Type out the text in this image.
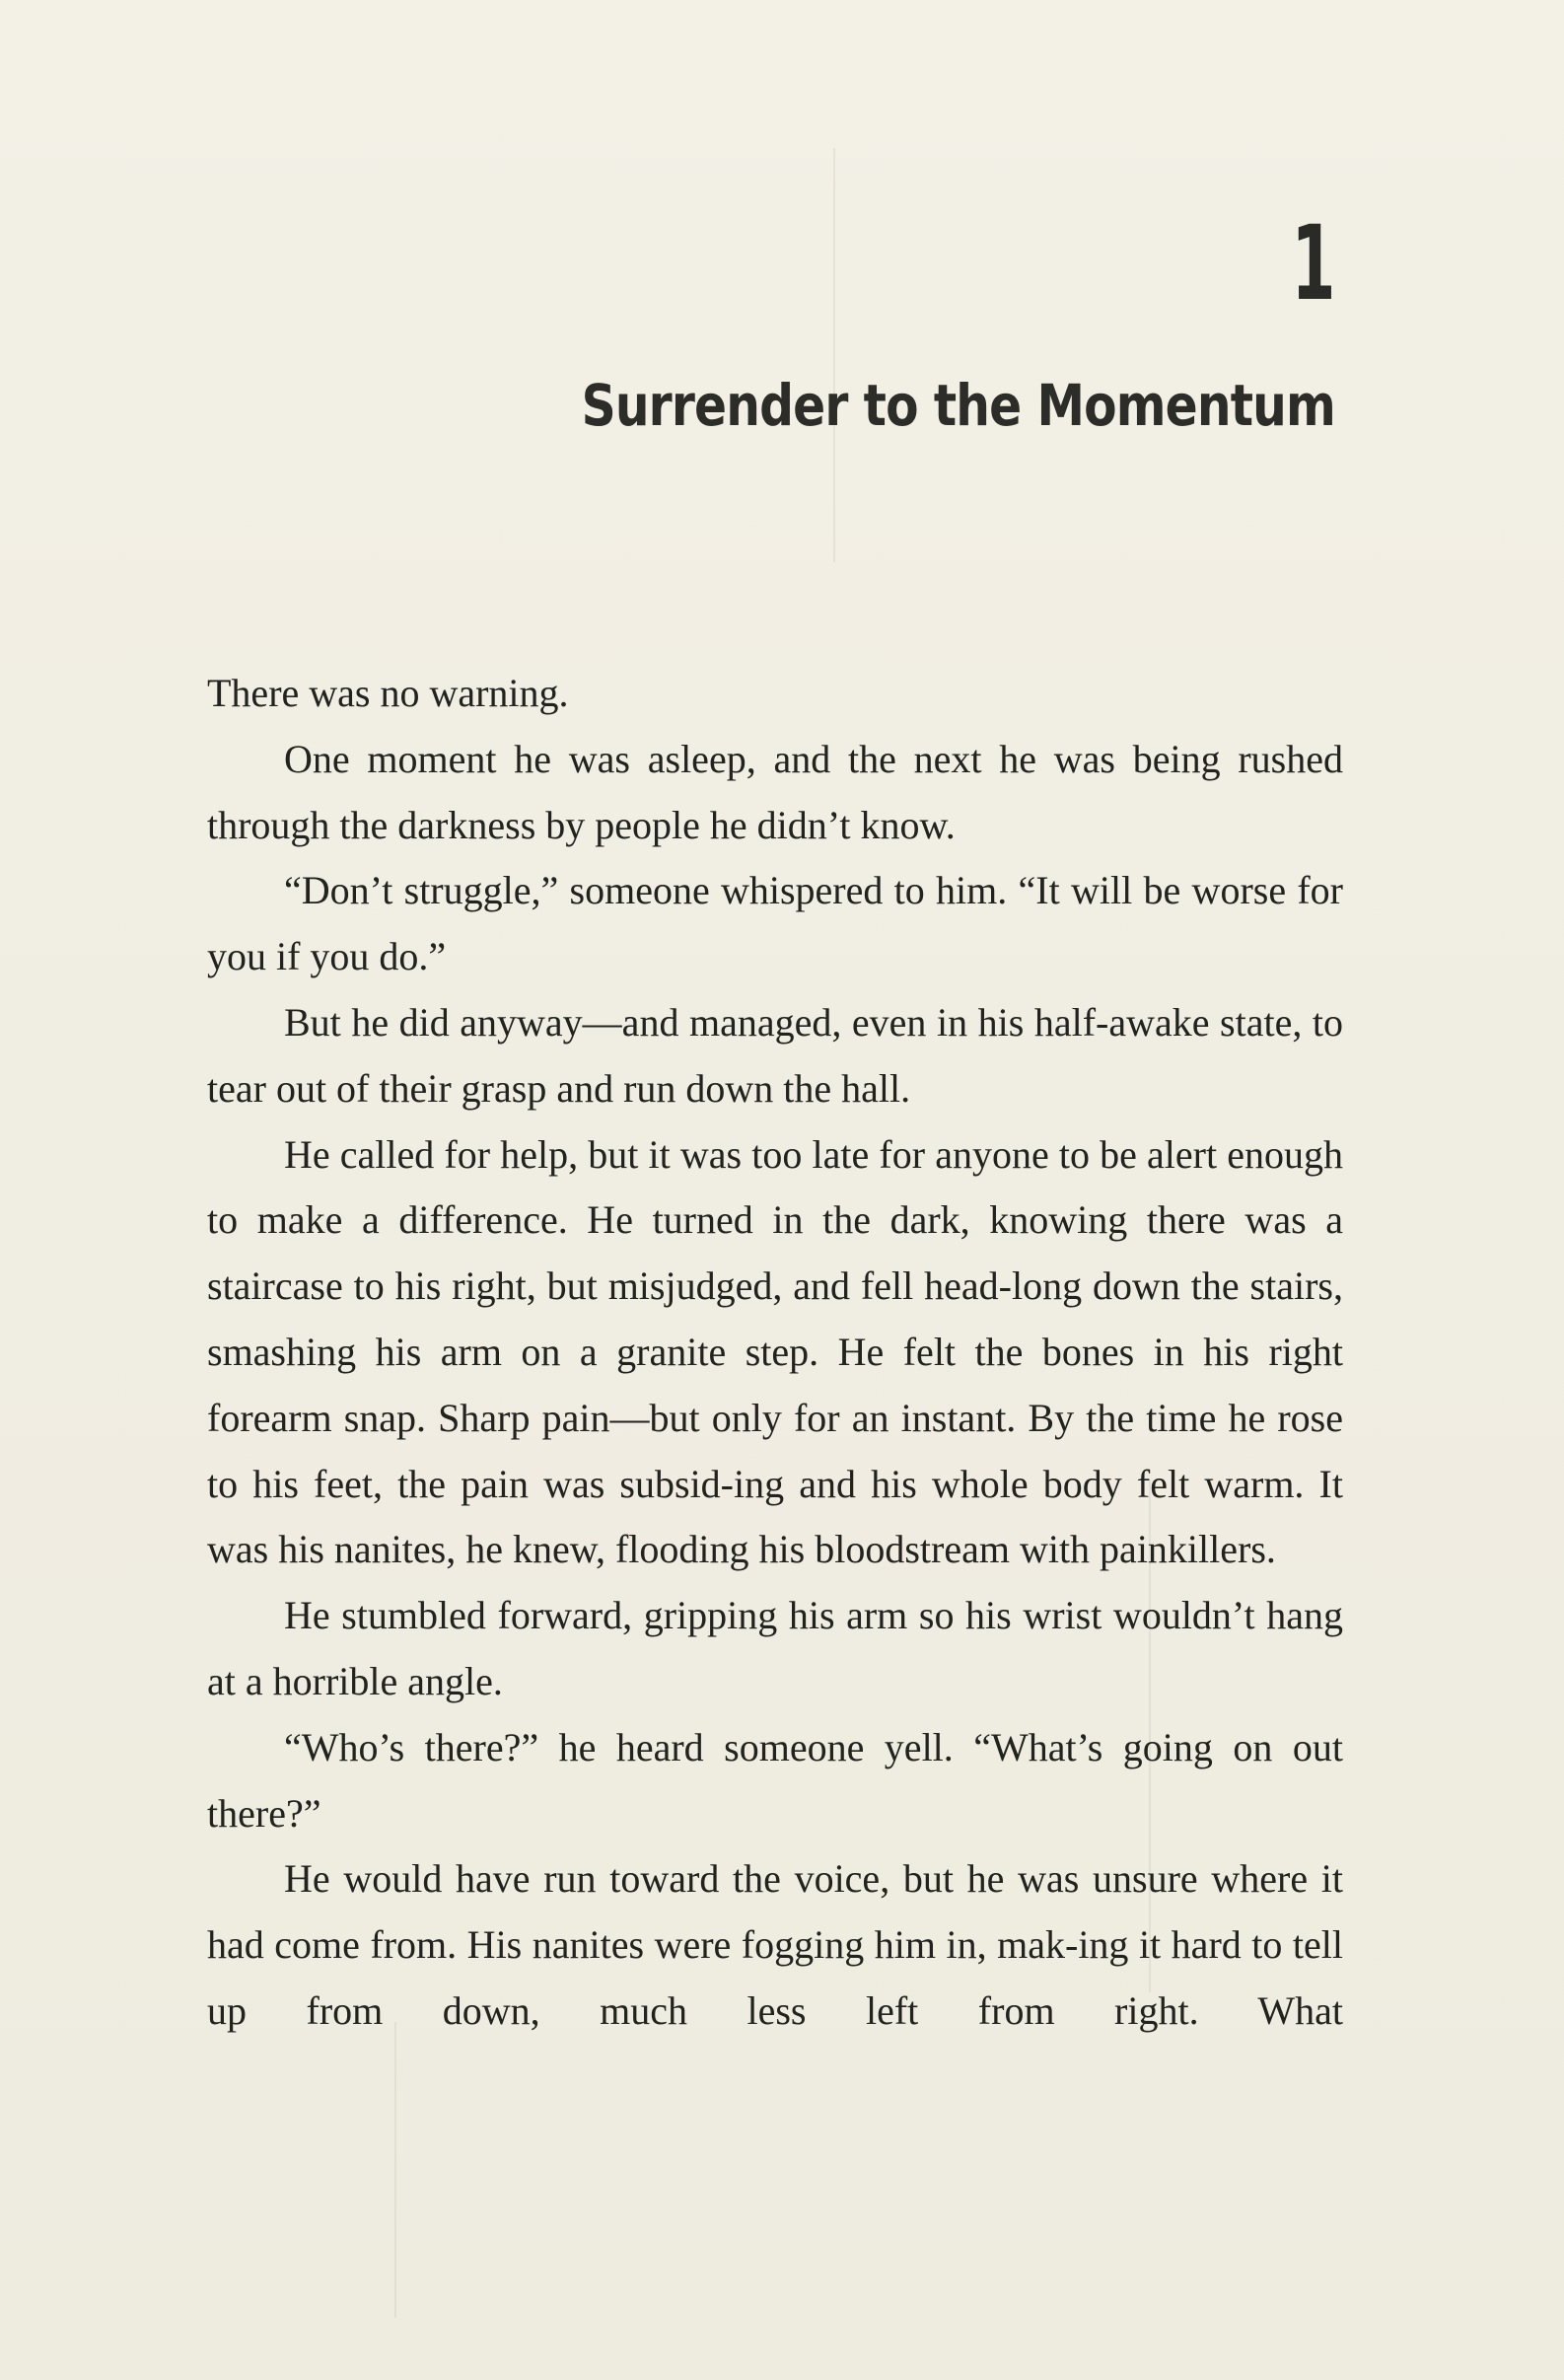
1
Surrender to the Momentum

There was no warning.

One moment he was asleep, and the next he was being rushed through the darkness by people he didn’t know.

“Don’t struggle,” someone whispered to him. “It will be worse for you if you do.”

But he did anyway—and managed, even in his half-awake state, to tear out of their grasp and run down the hall.

He called for help, but it was too late for anyone to be alert enough to make a difference. He turned in the dark, knowing there was a staircase to his right, but misjudged, and fell head-long down the stairs, smashing his arm on a granite step. He felt the bones in his right forearm snap. Sharp pain—but only for an instant. By the time he rose to his feet, the pain was subsid-ing and his whole body felt warm. It was his nanites, he knew, flooding his bloodstream with painkillers.

He stumbled forward, gripping his arm so his wrist wouldn’t hang at a horrible angle.

“Who’s there?” he heard someone yell. “What’s going on out there?”

He would have run toward the voice, but he was unsure where it had come from. His nanites were fogging him in, mak-ing it hard to tell up from down, much less left from right. What
